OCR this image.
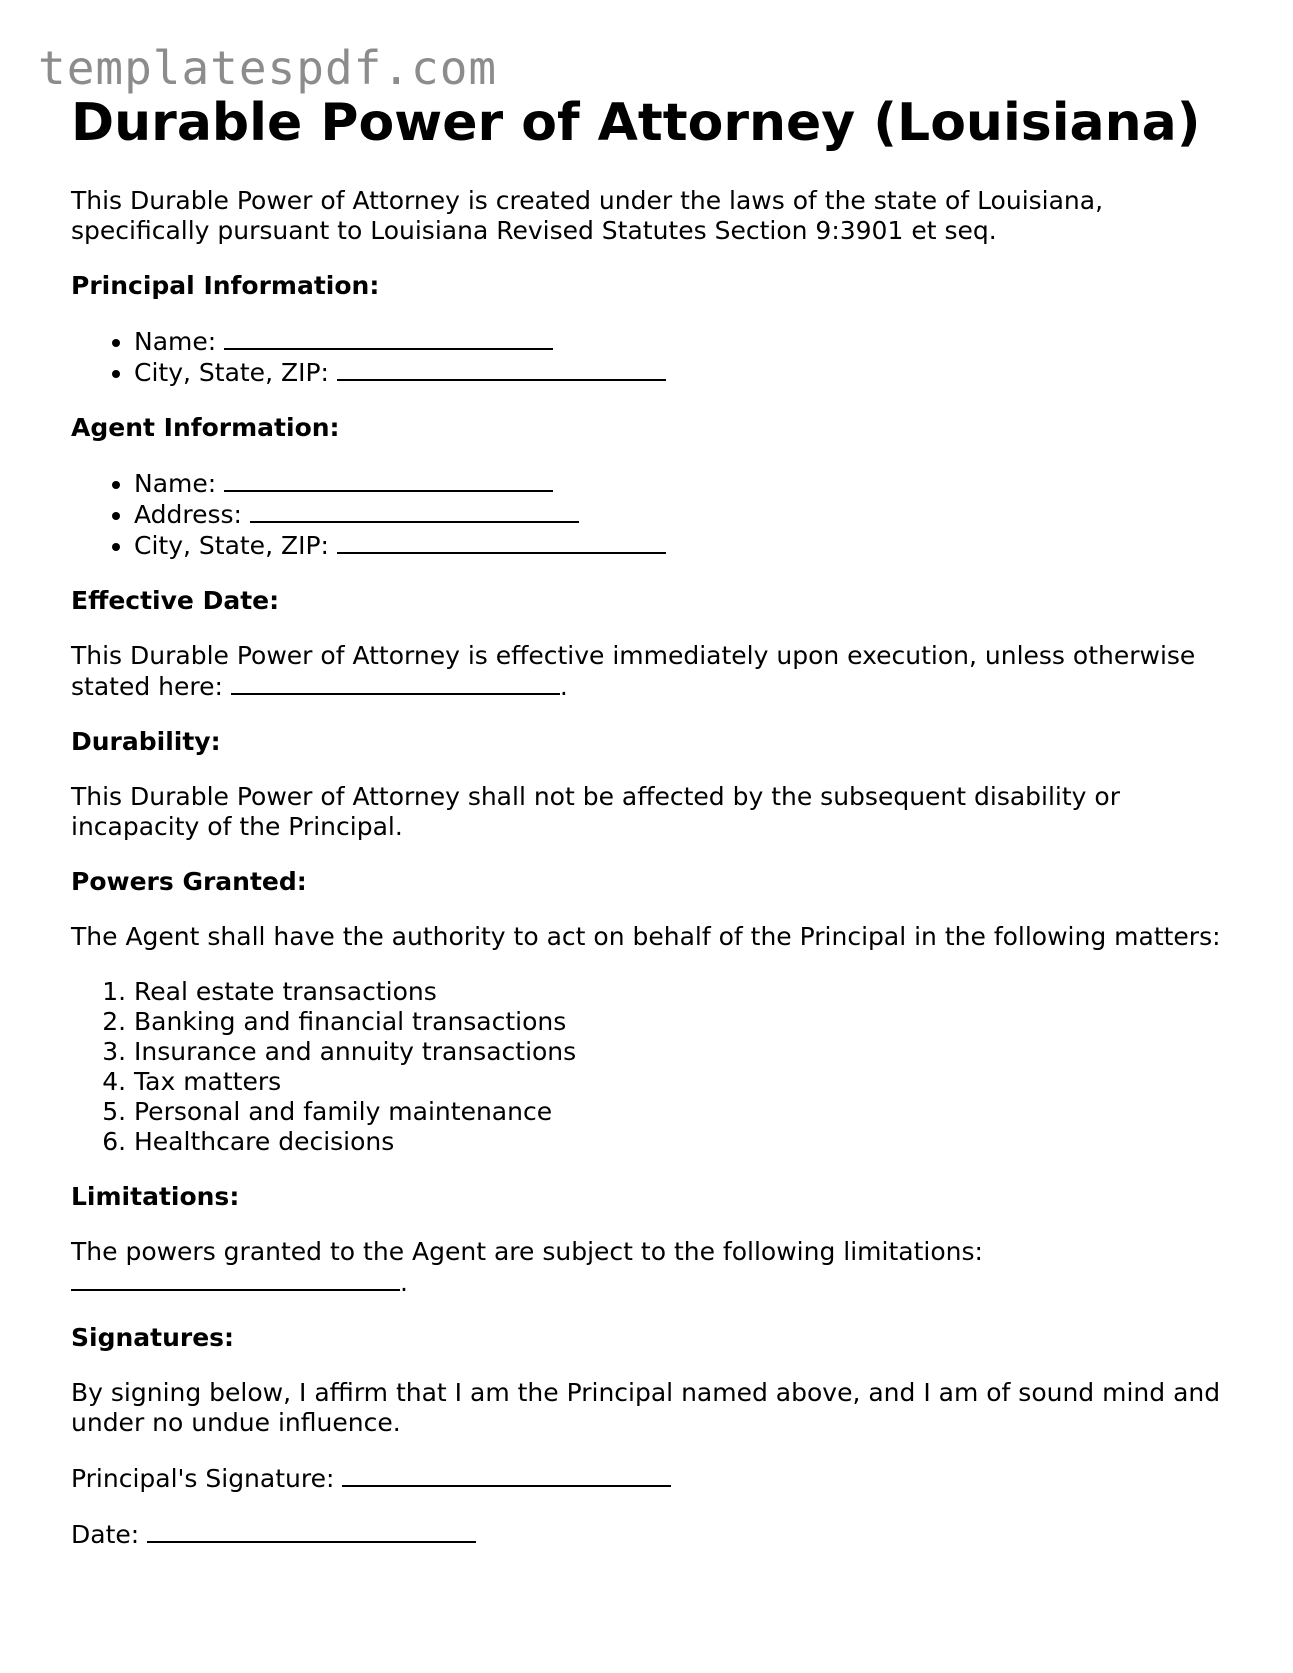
templatespdf.com
Durable Power of Attorney (Louisiana)

This Durable Power of Attorney is created under the laws of the state of Louisiana, specifically pursuant to Louisiana Revised Statutes Section 9:3901 et seq.

Principal Information:
• Name:
• City, State, ZIP:
Agent Information:
• Name:
• Address:
• City, State, ZIP:
Effective Date:

This Durable Power of Attorney is effective immediately upon execution, unless otherwise stated here:	.

Durability:

This Durable Power of Attorney shall not be affected by the subsequent disability or incapacity of the Principal.

Powers Granted:

The Agent shall have the authority to act on behalf of the Principal in the following matters:

1. Real estate transactions
2. Banking and financial transactions
3. Insurance and annuity transactions
4. Tax matters
5. Personal and family maintenance
6. Healthcare decisions
Limitations:

The powers granted to the Agent are subject to the following limitations:
.

Signatures:

By signing below, I affirm that I am the Principal named above, and I am of sound mind and under no undue influence.

Principal's Signature:

Date:
